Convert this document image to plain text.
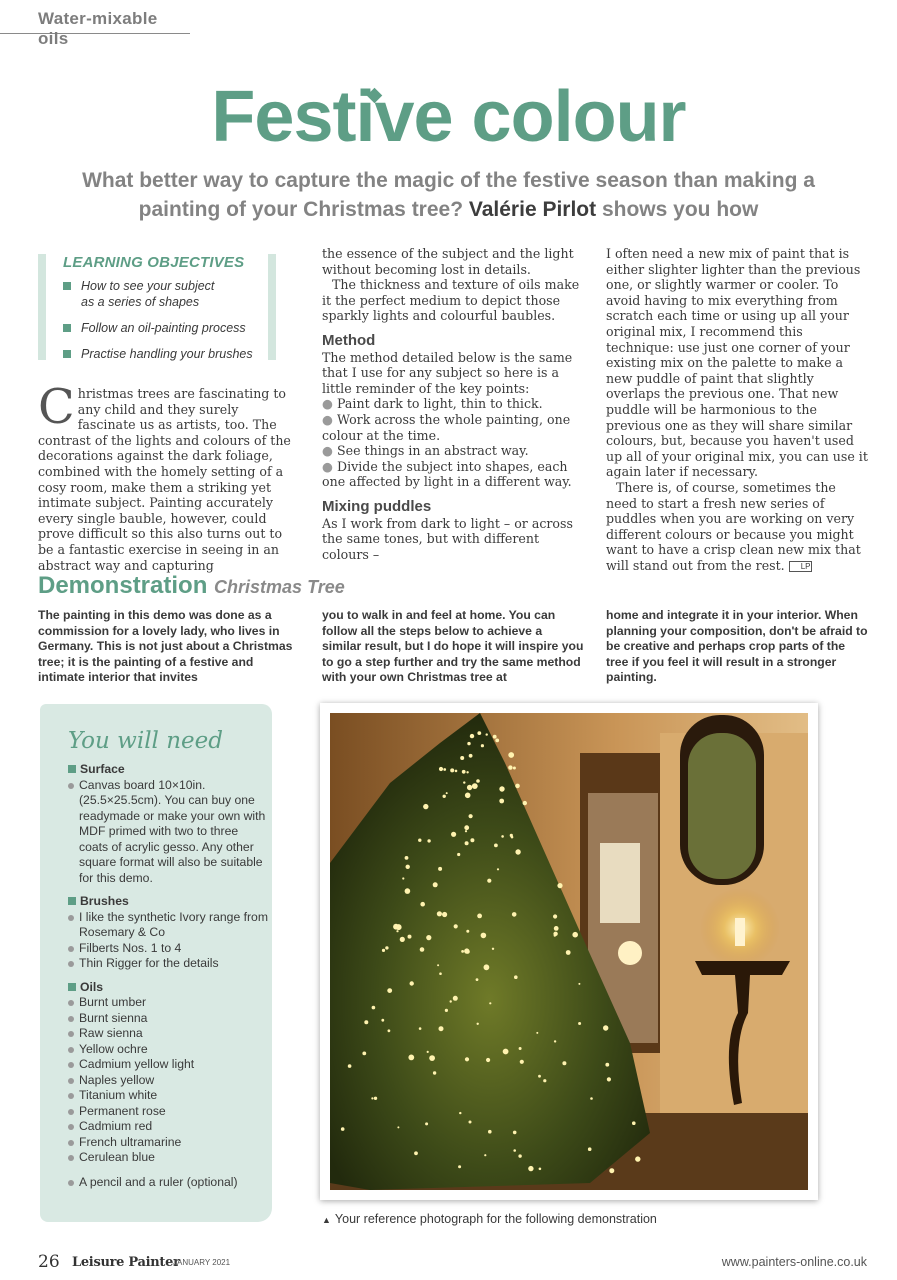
Water-mixable oils
Festive colour

What better way to capture the magic of the festive season than making a painting of your Christmas tree? Valérie Pirlot shows you how

LEARNING OBJECTIVES
How to see your subject
as a series of shapes
Follow an oil-painting process
Practise handling your brushes
Christmas trees are fascinating to any child and they surely fascinate us as artists, too. The contrast of the lights and colours of the decorations against the dark foliage, combined with the homely setting of a cosy room, make them a striking yet intimate subject. Painting accurately every single bauble, however, could prove difficult so this also turns out to be a fantastic exercise in seeing in an abstract way and capturing

the essence of the subject and the light without becoming lost in details.

The thickness and texture of oils make it the perfect medium to depict those sparkly lights and colourful baubles.

Method

The method detailed below is the same that I use for any subject so here is a little reminder of the key points:

● Paint dark to light, thin to thick.

● Work across the whole painting, one colour at the time.

● See things in an abstract way.

● Divide the subject into shapes, each one affected by light in a different way.

Mixing puddles

As I work from dark to light – or across the same tones, but with different colours –

I often need a new mix of paint that is either slighter lighter than the previous one, or slightly warmer or cooler. To avoid having to mix everything from scratch each time or using up all your original mix, I recommend this technique: use just one corner of your existing mix on the palette to make a new puddle of paint that slightly overlaps the previous one. That new puddle will be harmonious to the previous one as they will share similar colours, but, because you haven't used up all of your original mix, you can use it again later if necessary.

There is, of course, sometimes the need to start a fresh new series of puddles when you are working on very different colours or because you might want to have a crisp clean new mix that will stand out from the rest. LP

Demonstration Christmas Tree

The painting in this demo was done as a commission for a lovely lady, who lives in Germany. This is not just about a Christmas tree; it is the painting of a festive and intimate interior that invites

you to walk in and feel at home. You can follow all the steps below to achieve a similar result, but I do hope it will inspire you to go a step further and try the same method with your own Christmas tree at

home and integrate it in your interior. When planning your composition, don't be afraid to be creative and perhaps crop parts of the tree if you feel it will result in a stronger painting.

You will need
Surface
Canvas board 10×10in. (25.5×25.5cm). You can buy one readymade or make your own with MDF primed with two to three coats of acrylic gesso. Any other square format will also be suitable for this demo.
Brushes
I like the synthetic Ivory range from Rosemary & Co
Filberts Nos. 1 to 4
Thin Rigger for the details
Oils
Burnt umber
Burnt sienna
Raw sienna
Yellow ochre
Cadmium yellow light
Naples yellow
Titanium white
Permanent rose
Cadmium red
French ultramarine
Cerulean blue
A pencil and a ruler (optional)
▲ Your reference photograph for the following demonstration
26 Leisure Painter
JANUARY 2021	www.painters-online.co.uk
